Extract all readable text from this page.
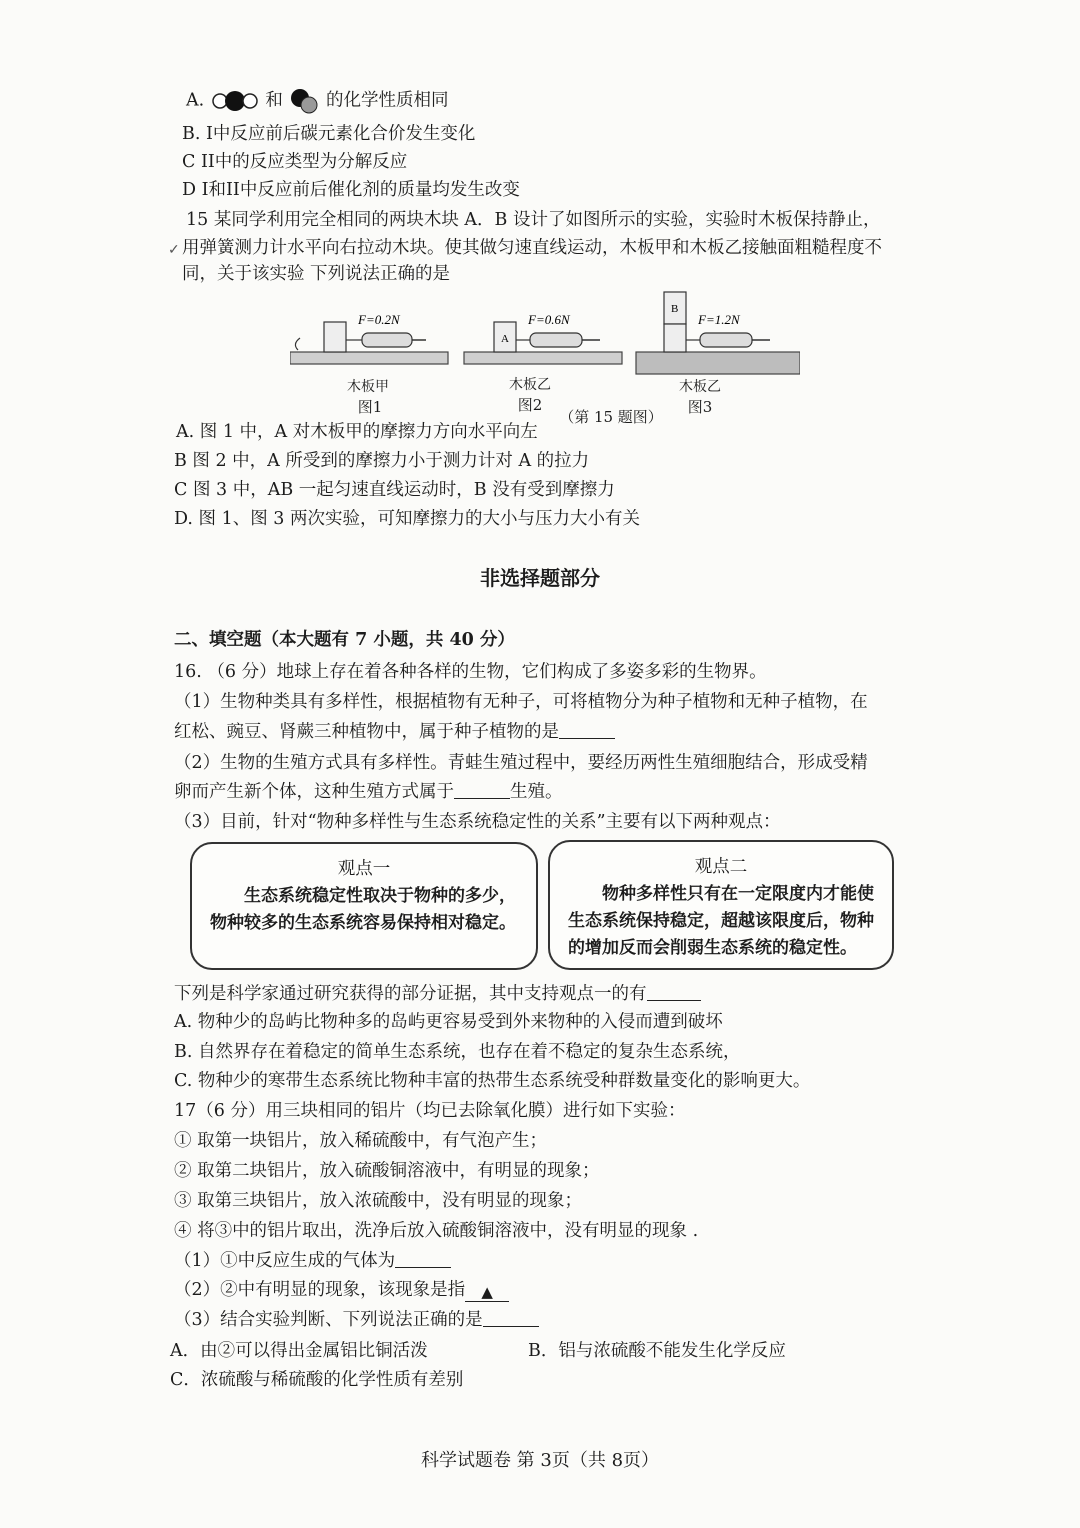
A.	和 的化学性质相同
B. I中反应前后碳元素化合价发生变化
C II中的反应类型为分解反应
D I和II中反应前后催化剂的质量均发生改变
15 某同学利用完全相同的两块木块 A．B 设计了如图所示的实验，实验时木板保持静止，
✓ 用弹簧测力计水平向右拉动木块。使其做匀速直线运动，木板甲和木板乙接触面粗糙程度不
同，关于该实验 下列说法正确的是
F=0.2N
A
F=0.6N
B
F=1.2N
木板甲	木板乙	木板乙
图1	图2	图3
（第 15 题图）
A. 图 1 中，A 对木板甲的摩擦力方向水平向左
B 图 2 中，A 所受到的摩擦力小于测力计对 A 的拉力
C 图 3 中，AB 一起匀速直线运动时，B 没有受到摩擦力
D. 图 1、图 3 两次实验，可知摩擦力的大小与压力大小有关
非选择题部分
二、填空题（本大题有 7 小题，共 40 分）
16. （6 分）地球上存在着各种各样的生物，它们构成了多姿多彩的生物界。
（1）生物种类具有多样性，根据植物有无种子，可将植物分为种子植物和无种子植物，在
红松、豌豆、肾蕨三种植物中，属于种子植物的是
（2）生物的生殖方式具有多样性。青蛙生殖过程中，要经历两性生殖细胞结合，形成受精
卵而产生新个体，这种生殖方式属于	生殖。
（3）目前，针对“物种多样性与生态系统稳定性的关系”主要有以下两种观点：
观点一
生态系统稳定性取决于物种的多少，物种较多的生态系统容易保持相对稳定。
观点二
物种多样性只有在一定限度内才能使生态系统保持稳定，超越该限度后，物种的增加反而会削弱生态系统的稳定性。
下列是科学家通过研究获得的部分证据，其中支持观点一的有
A. 物种少的岛屿比物种多的岛屿更容易受到外来物种的入侵而遭到破坏
B. 自然界存在着稳定的简单生态系统，也存在着不稳定的复杂生态系统，
C. 物种少的寒带生态系统比物种丰富的热带生态系统受种群数量变化的影响更大。
17（6 分）用三块相同的铝片（均已去除氧化膜）进行如下实验：
① 取第一块铝片，放入稀硫酸中，有气泡产生；
② 取第二块铝片，放入硫酸铜溶液中，有明显的现象；
③ 取第三块铝片，放入浓硫酸中，没有明显的现象；
④ 将③中的铝片取出，洗净后放入硫酸铜溶液中，没有明显的现象 .
（1）①中反应生成的气体为
（2）②中有明显的现象，该现象是指 ▲
（3）结合实验判断、下列说法正确的是
A．由②可以得出金属铝比铜活泼	B．铝与浓硫酸不能发生化学反应
C．浓硫酸与稀硫酸的化学性质有差别
科学试题卷 第 3页（共 8页）
